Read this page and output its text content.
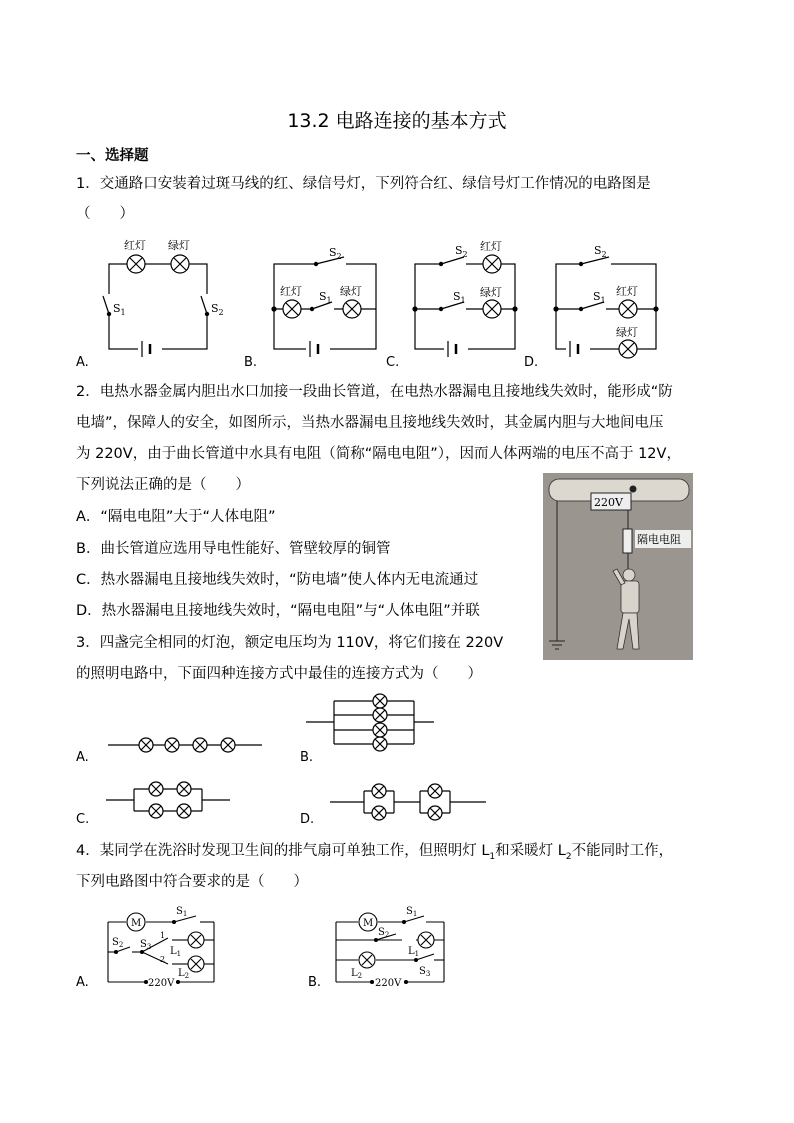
13.2 电路连接的基本方式
一、选择题
1．交通路口安装着过斑马线的红、绿信号灯，下列符合红、绿信号灯工作情况的电路图是
（　　）
红灯 绿灯
$S_1$	$S_2$
$S_2$
红灯 $S_1$
绿灯
$S_2$
红灯
$S_1$
绿灯
$S_2$
$S_1$
红灯
绿灯
A.	B.	C.	D.
2．电热水器金属内胆出水口加接一段曲长管道，在电热水器漏电且接地线失效时，能形成“防
电墙”，保障人的安全，如图所示，当热水器漏电且接地线失效时，其金属内胆与大地间电压
为 220V，由于曲长管道中水具有电阻（简称“隔电电阻”），因而人体两端的电压不高于 12V，
下列说法正确的是（　　）
A．“隔电电阻”大于“人体电阻”
B．曲长管道应选用导电性能好、管壁较厚的铜管
C．热水器漏电且接地线失效时，“防电墙”使人体内无电流通过
D．热水器漏电且接地线失效时，“隔电电阻”与“人体电阻”并联
220V
隔电电阻
3．四盏完全相同的灯泡，额定电压均为 110V，将它们接在 220V
的照明电路中，下面四种连接方式中最佳的连接方式为（　　）
A.	B.
C.	D.
4．某同学在洗浴时发现卫生间的排气扇可单独工作，但照明灯 $L_1$和采暖灯 $L_2$不能同时工作，
下列电路图中符合要求的是（　　）
M
$S_1$
$S_2$ $S_3$
1
2
$L_1$
$L_2$
220V
M
$S_1$
$S_2$
$L_1$
$L_2$	$S_3$
220V
A.	B.
